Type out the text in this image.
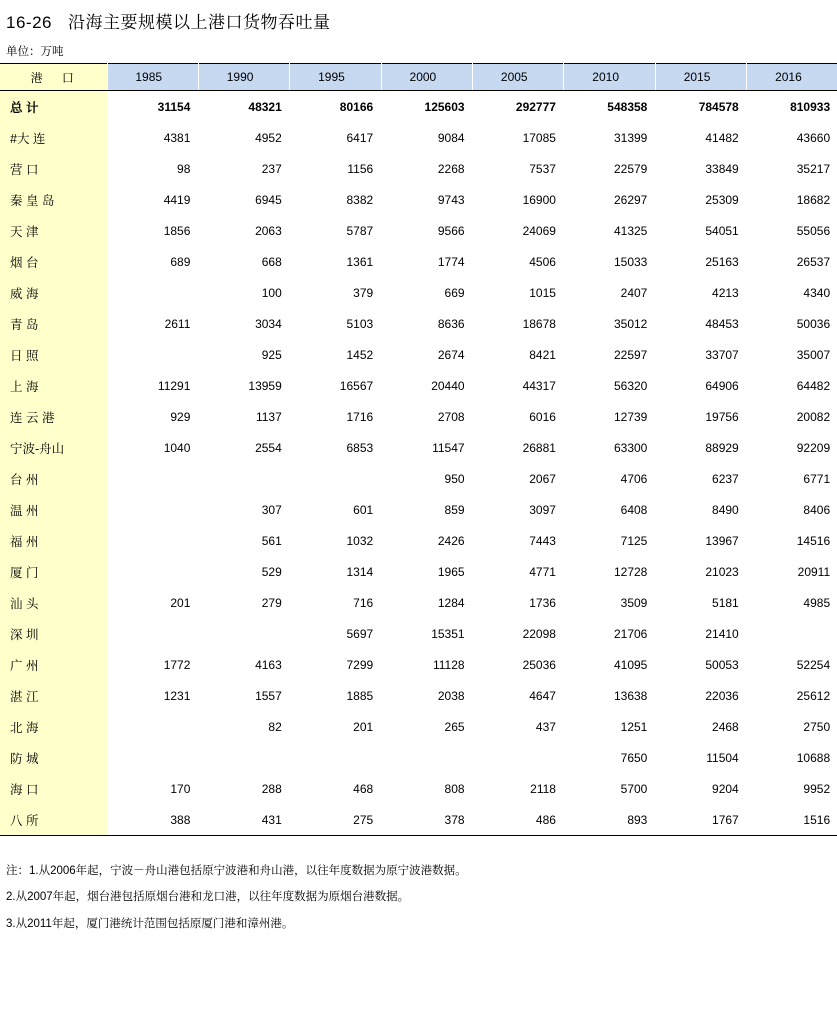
16-26 沿海主要规模以上港口货物吞吐量
单位：万吨
港 口	1985	1990	1995	2000	2005	2010	2015	2016
总 计	31154	48321	80166	125603	292777	548358	784578	810933
#大 连	4381	4952	6417	9084	17085	31399	41482	43660
营 口	98	237	1156	2268	7537	22579	33849	35217
秦 皇 岛	4419	6945	8382	9743	16900	26297	25309	18682
天 津	1856	2063	5787	9566	24069	41325	54051	55056
烟 台	689	668	1361	1774	4506	15033	25163	26537
威 海		100	379	669	1015	2407	4213	4340
青 岛	2611	3034	5103	8636	18678	35012	48453	50036
日 照		925	1452	2674	8421	22597	33707	35007
上 海	11291	13959	16567	20440	44317	56320	64906	64482
连 云 港	929	1137	1716	2708	6016	12739	19756	20082
宁波-舟山	1040	2554	6853	11547	26881	63300	88929	92209
台 州				950	2067	4706	6237	6771
温 州		307	601	859	3097	6408	8490	8406
福 州		561	1032	2426	7443	7125	13967	14516
厦 门		529	1314	1965	4771	12728	21023	20911
汕 头	201	279	716	1284	1736	3509	5181	4985
深 圳			5697	15351	22098	21706	21410	
广 州	1772	4163	7299	11128	25036	41095	50053	52254
湛 江	1231	1557	1885	2038	4647	13638	22036	25612
北 海		82	201	265	437	1251	2468	2750
防 城						7650	11504	10688
海 口	170	288	468	808	2118	5700	9204	9952
八 所	388	431	275	378	486	893	1767	1516
注：1.从2006年起，宁波－舟山港包括原宁波港和舟山港，以往年度数据为原宁波港数据。
2.从2007年起，烟台港包括原烟台港和龙口港，以往年度数据为原烟台港数据。
3.从2011年起，厦门港统计范围包括原厦门港和漳州港。
